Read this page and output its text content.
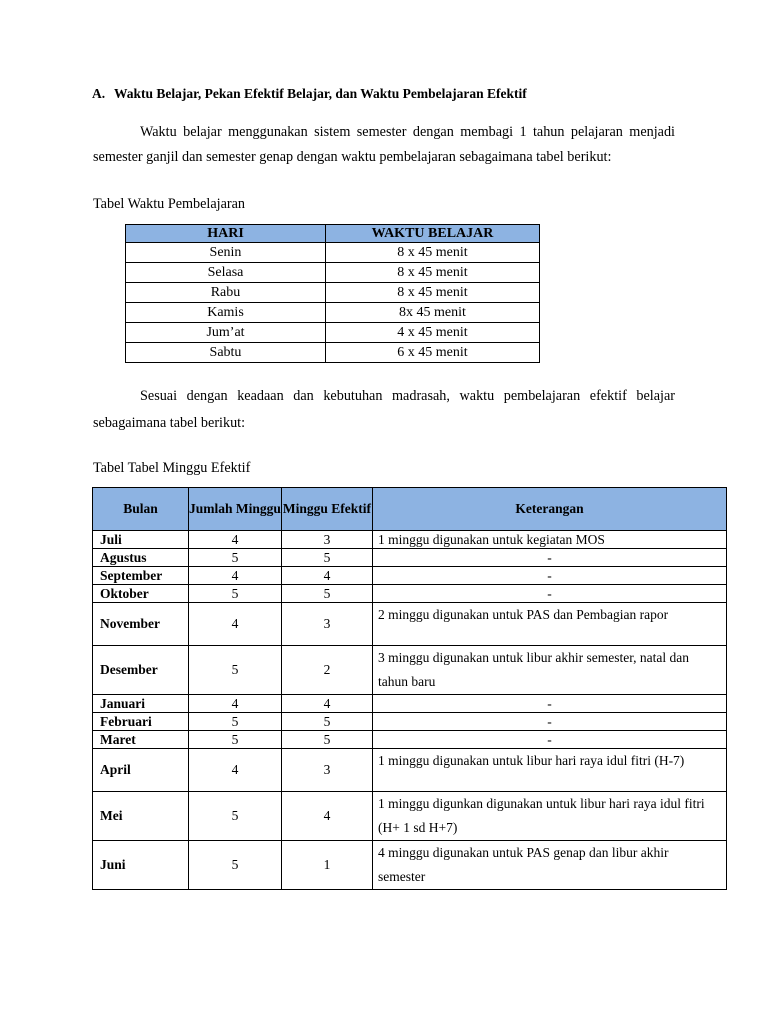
A. Waktu Belajar, Pekan Efektif Belajar, dan Waktu Pembelajaran Efektif
Waktu belajar menggunakan sistem semester dengan membagi 1 tahun pelajaran menjadi semester ganjil dan semester genap dengan waktu pembelajaran sebagaimana tabel berikut:
Tabel Waktu Pembelajaran
HARI	WAKTU BELAJAR
Senin	8 x 45 menit
Selasa	8 x 45 menit
Rabu	8 x 45 menit
Kamis	8x 45 menit
Jum’at	4 x 45 menit
Sabtu	6 x 45 menit
Sesuai dengan keadaan dan kebutuhan madrasah, waktu pembelajaran efektif belajar sebagaimana tabel berikut:
Tabel Tabel Minggu Efektif
Bulan	Jumlah Minggu	Minggu Efektif	Keterangan
Juli	4	3	1 minggu digunakan untuk kegiatan MOS
Agustus	5	5	-
September	4	4	-
Oktober	5	5	-
November	4	3	2 minggu digunakan untuk PAS dan Pembagian rapor
Desember	5	2	3 minggu digunakan untuk libur akhir semester, natal dan tahun baru
Januari	4	4	-
Februari	5	5	-
Maret	5	5	-
April	4	3	1 minggu digunakan untuk libur hari raya idul fitri (H-7)
Mei	5	4	1 minggu digunkan digunakan untuk libur hari raya idul fitri (H+ 1 sd H+7)
Juni	5	1	4 minggu digunakan untuk PAS genap dan libur akhir semester
